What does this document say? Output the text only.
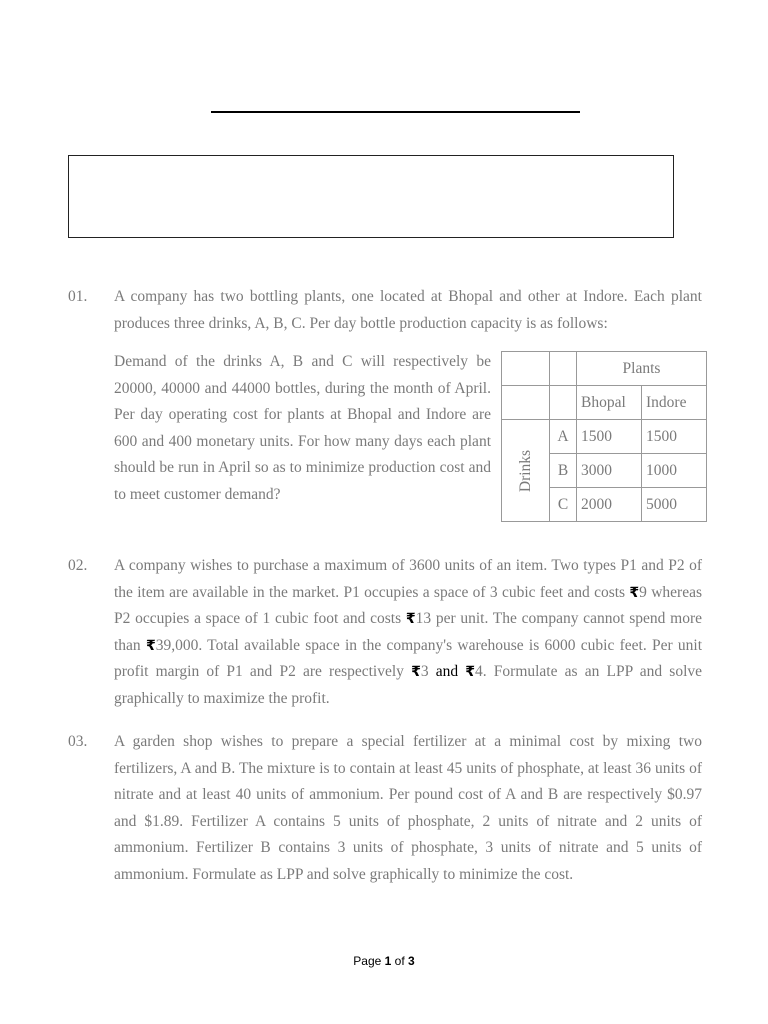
01. A company has two bottling plants, one located at Bhopal and other at Indore. Each plant produces three drinks, A, B, C. Per day bottle production capacity is as follows:

Demand of the drinks A, B and C will respectively be 20000, 40000 and 44000 bottles, during the month of April. Per day operating cost for plants at Bhopal and Indore are 600 and 400 monetary units. For how many days each plant should be run in April so as to minimize production cost and to meet customer demand?
		Plants	
		Bhopal	Indore

Drinks	A	1500	1500
	B	3000	1000
	C	2000	5000
02. A company wishes to purchase a maximum of 3600 units of an item. Two types P1 and P2 of the item are available in the market. P1 occupies a space of 3 cubic feet and costs ₹9 whereas P2 occupies a space of 1 cubic foot and costs ₹13 per unit. The company cannot spend more than ₹39,000. Total available space in the company's warehouse is 6000 cubic feet. Per unit profit margin of P1 and P2 are respectively ₹3 and ₹4. Formulate as an LPP and solve graphically to maximize the profit.
03. A garden shop wishes to prepare a special fertilizer at a minimal cost by mixing two fertilizers, A and B. The mixture is to contain at least 45 units of phosphate, at least 36 units of nitrate and at least 40 units of ammonium. Per pound cost of A and B are respectively $0.97 and $1.89. Fertilizer A contains 5 units of phosphate, 2 units of nitrate and 2 units of ammonium. Fertilizer B contains 3 units of phosphate, 3 units of nitrate and 5 units of ammonium. Formulate as LPP and solve graphically to minimize the cost.
Page 1 of 3
